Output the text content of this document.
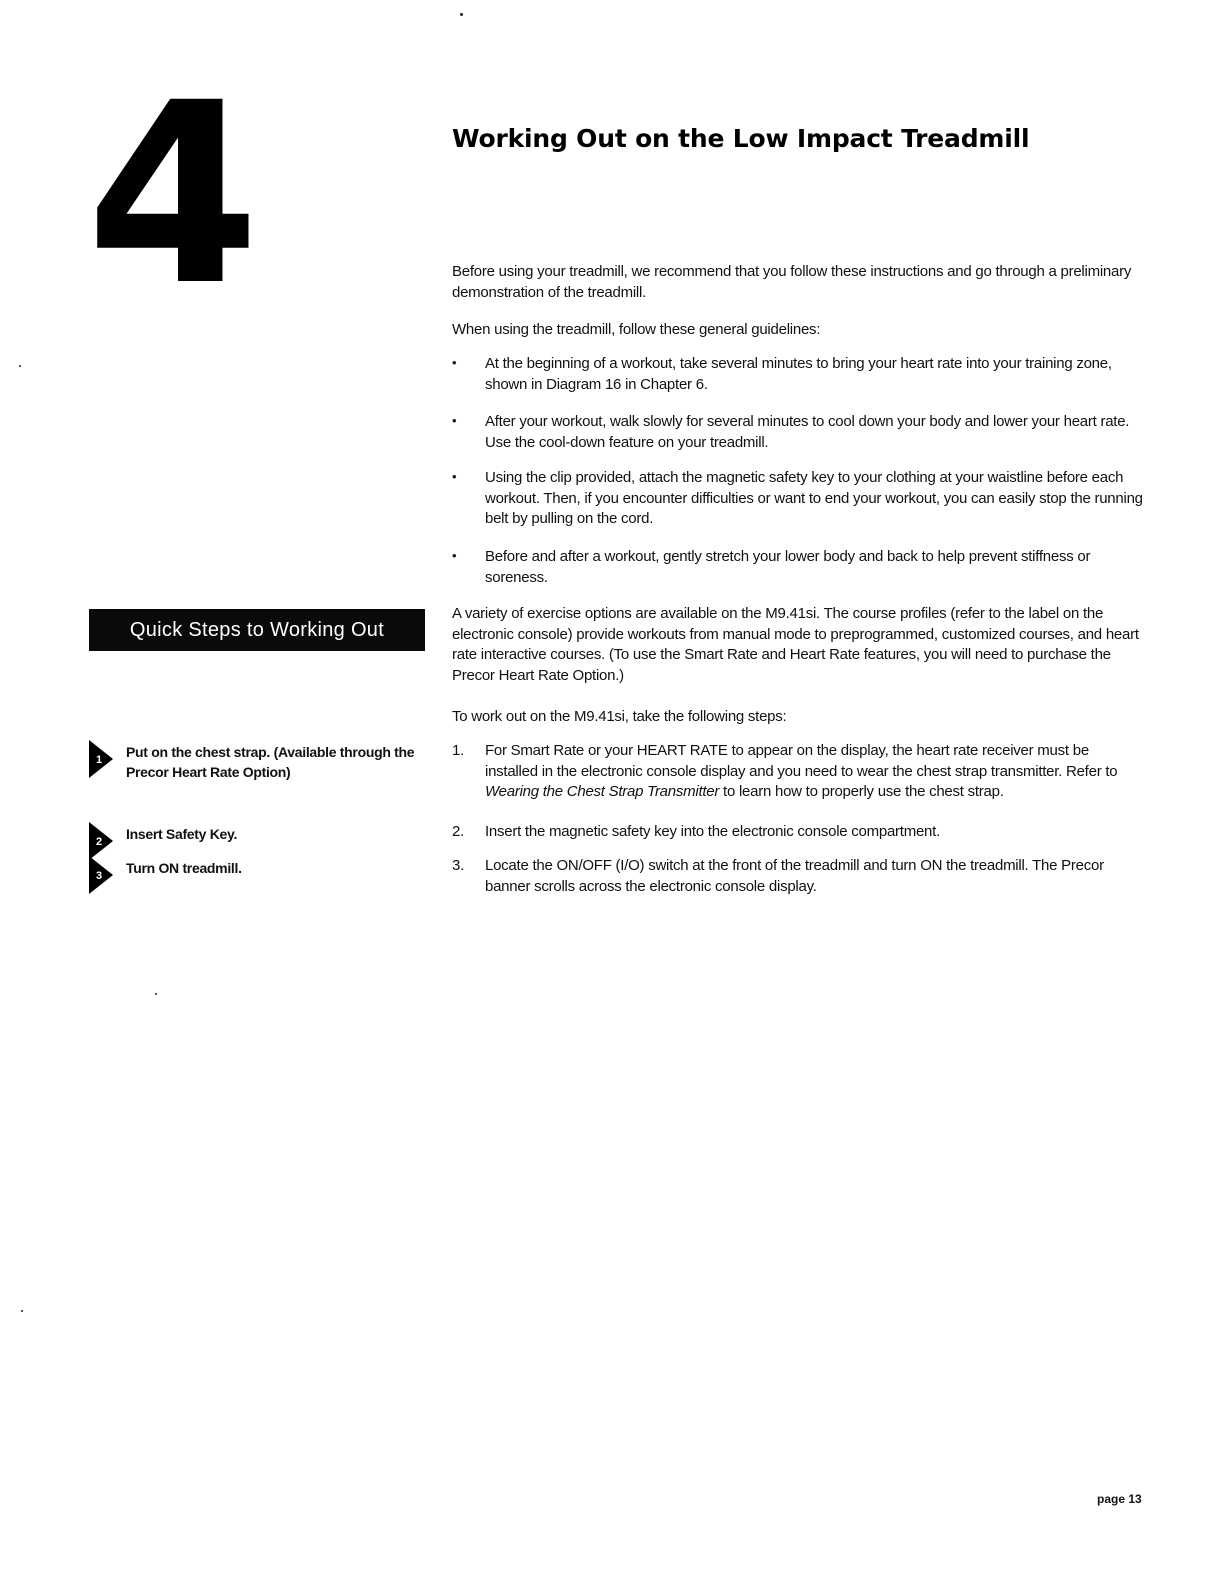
4	Working Out on the Low Impact Treadmill

Before using your treadmill, we recommend that you follow these instructions and go through a preliminary demonstration of the treadmill.

When using the treadmill, follow these general guidelines:

•	At the beginning of a workout, take several minutes to bring your heart rate into your training zone, shown in Diagram 16 in Chapter 6.
•	After your workout, walk slowly for several minutes to cool down your body and lower your heart rate. Use the cool-down feature on your treadmill.
•	Using the clip provided, attach the magnetic safety key to your clothing at your waistline before each workout. Then, if you encounter difficulties or want to end your workout, you can easily stop the running belt by pulling on the cord.
•	Before and after a workout, gently stretch your lower body and back to help prevent stiffness or soreness.

A variety of exercise options are available on the M9.41si. The course profiles (refer to the label on the electronic console) provide workouts from manual mode to preprogrammed, customized courses, and heart rate interactive courses. (To use the Smart Rate and Heart Rate features, you will need to purchase the Precor Heart Rate Option.)

To work out on the M9.41si, take the following steps:

1.	For Smart Rate or your HEART RATE to appear on the display, the heart rate receiver must be installed in the electronic console display and you need to wear the chest strap transmitter. Refer to Wearing the Chest Strap Transmitter to learn how to properly use the chest strap.
2.	Insert the magnetic safety key into the electronic console compartment.
3.	Locate the ON/OFF (I/O) switch at the front of the treadmill and turn ON the treadmill. The Precor banner scrolls across the electronic console display.
Quick Steps to Working Out
1 Put on the chest strap. (Available through the Precor Heart Rate Option)
2 Insert Safety Key.
3 Turn ON treadmill.
page 13
